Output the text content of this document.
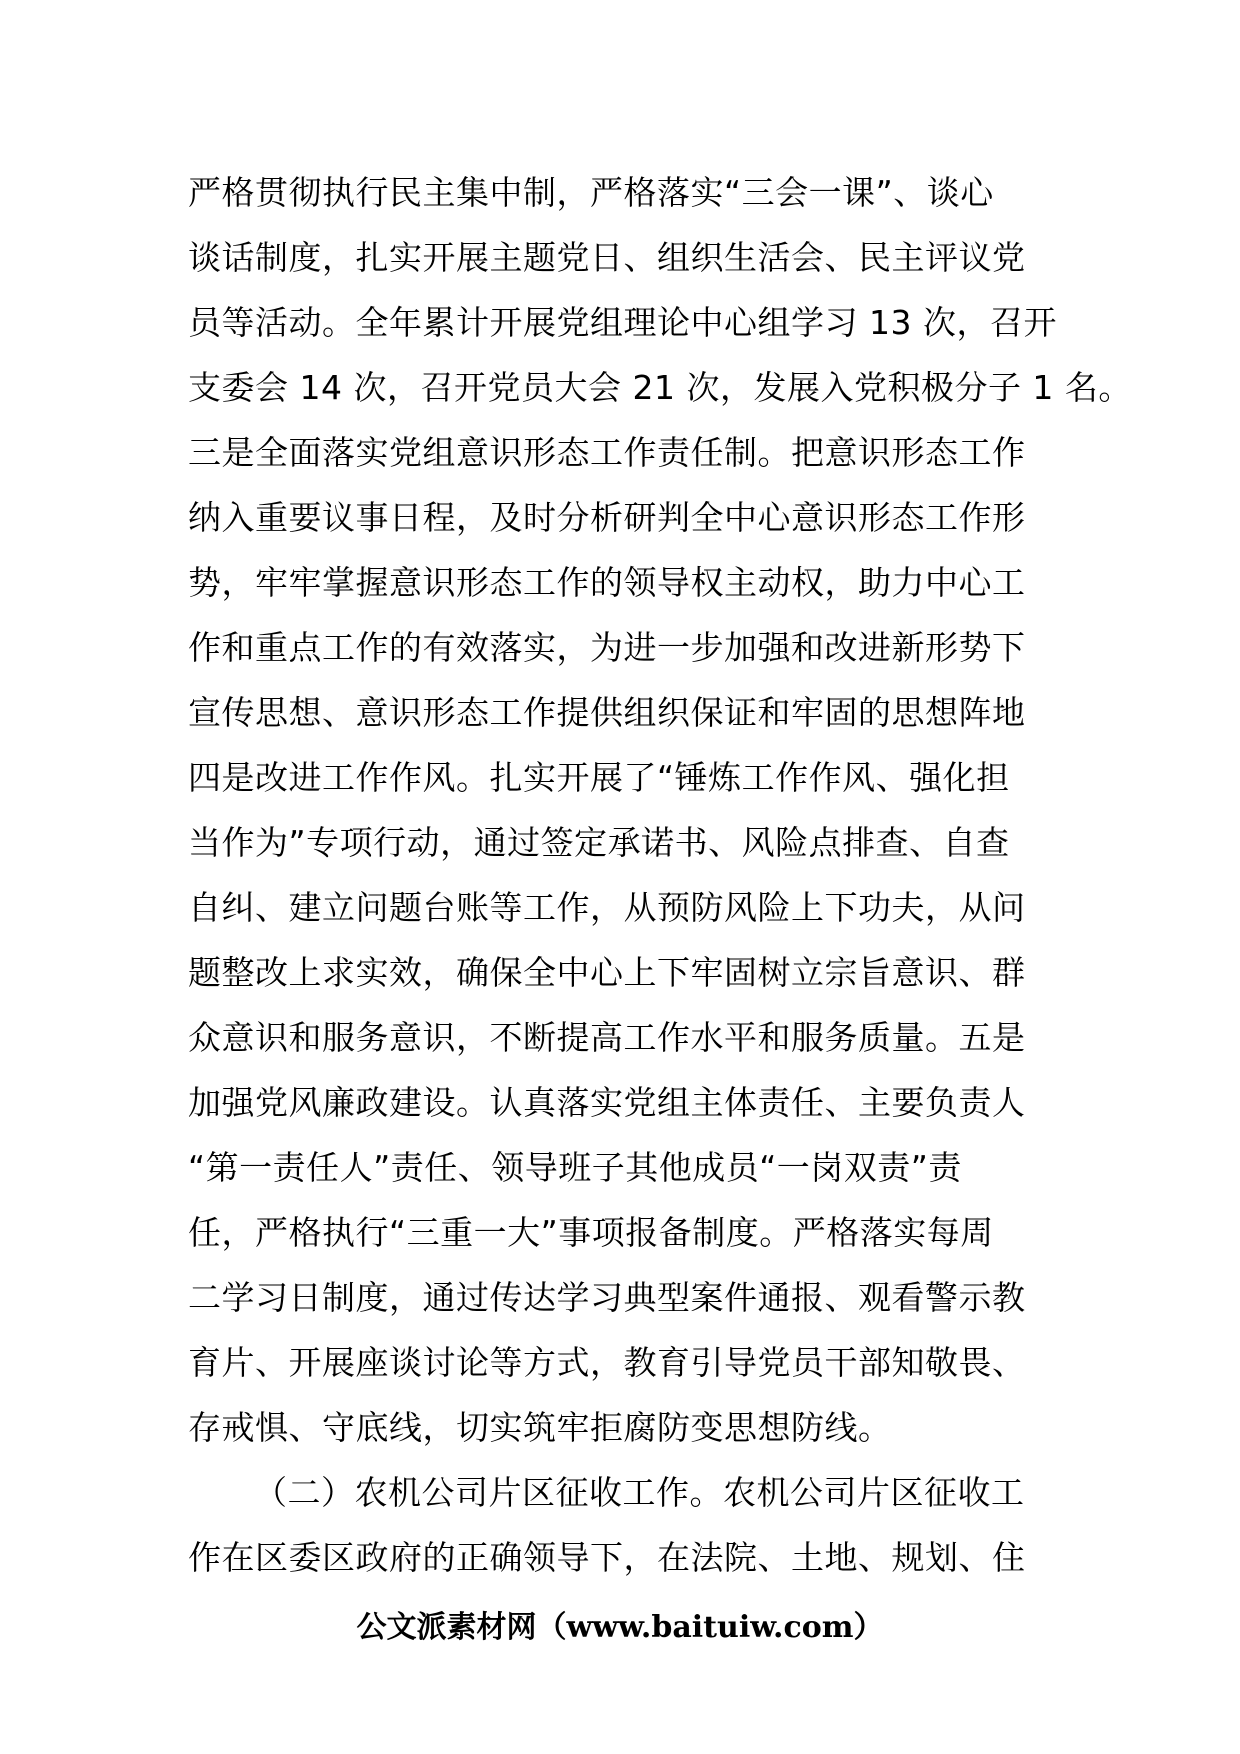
严格贯彻执行民主集中制，严格落实“三会一课”、谈心
谈话制度，扎实开展主题党日、组织生活会、民主评议党
员等活动。全年累计开展党组理论中心组学习 13 次，召开
支委会 14 次，召开党员大会 21 次，发展入党积极分子 1 名。
三是全面落实党组意识形态工作责任制。把意识形态工作
纳入重要议事日程，及时分析研判全中心意识形态工作形
势，牢牢掌握意识形态工作的领导权主动权，助力中心工
作和重点工作的有效落实，为进一步加强和改进新形势下
宣传思想、意识形态工作提供组织保证和牢固的思想阵地
四是改进工作作风。扎实开展了“锤炼工作作风、强化担
当作为”专项行动，通过签定承诺书、风险点排查、自查
自纠、建立问题台账等工作，从预防风险上下功夫，从问
题整改上求实效，确保全中心上下牢固树立宗旨意识、群
众意识和服务意识，不断提高工作水平和服务质量。五是
加强党风廉政建设。认真落实党组主体责任、主要负责人
“第一责任人”责任、领导班子其他成员“一岗双责”责
任，严格执行“三重一大”事项报备制度。严格落实每周
二学习日制度，通过传达学习典型案件通报、观看警示教
育片、开展座谈讨论等方式，教育引导党员干部知敬畏、
存戒惧、守底线，切实筑牢拒腐防变思想防线。
（二）农机公司片区征收工作。农机公司片区征收工
作在区委区政府的正确领导下，在法院、土地、规划、住
公文派素材网（www.baituiw.com）
